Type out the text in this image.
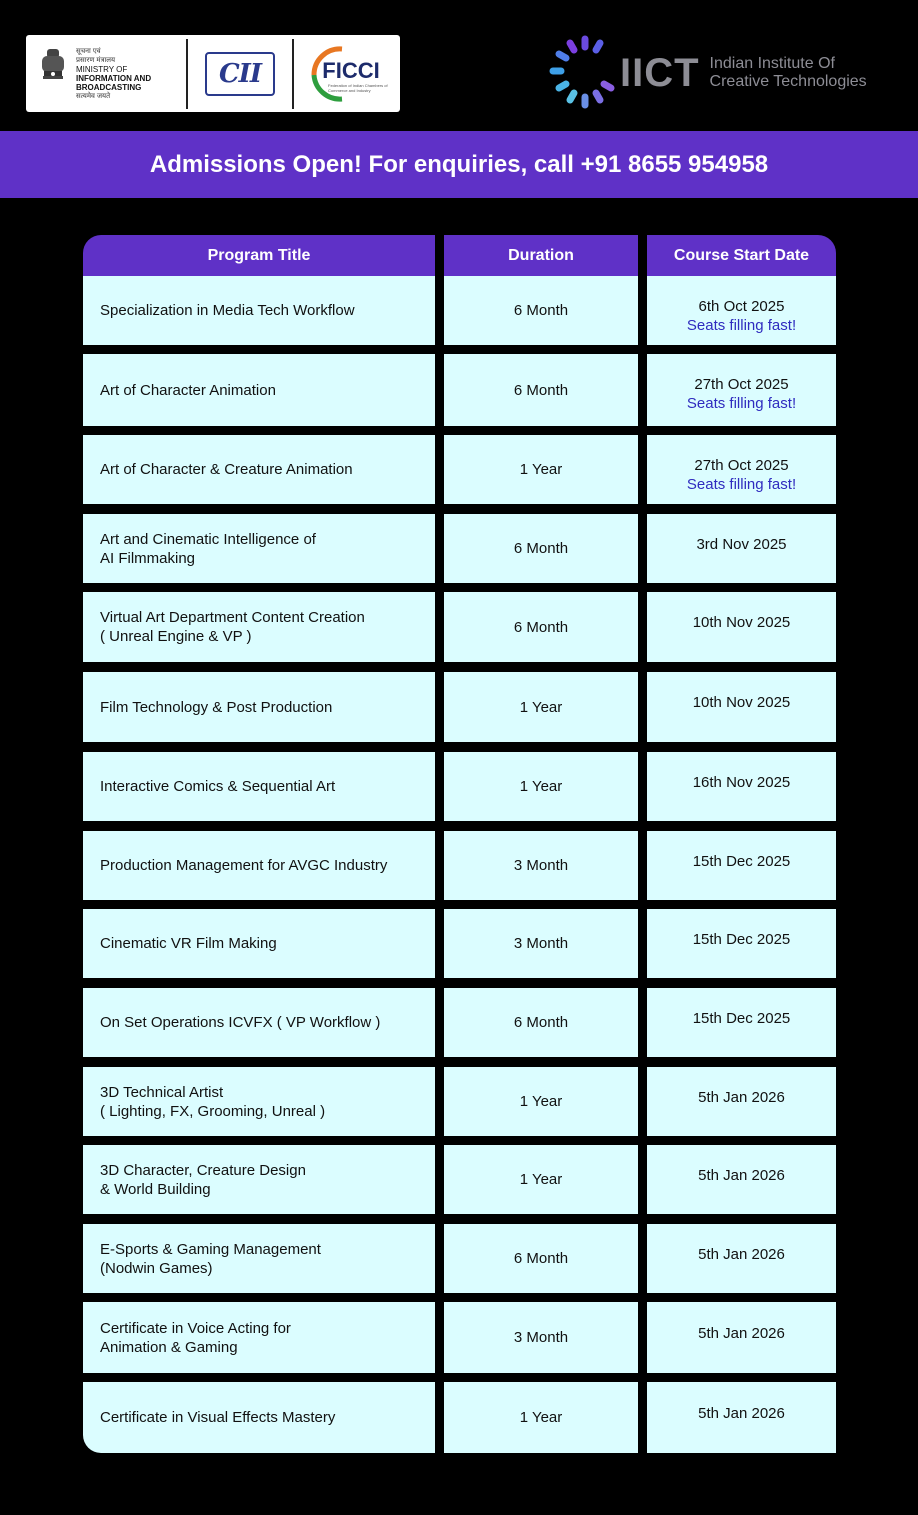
सूचना एवं
प्रसारण मंत्रालय
MINISTRY OF
INFORMATION AND
BROADCASTING
सत्यमेव जयते
CII	FICCI
Federation of Indian Chambers of Commerce and Industry	IICT Indian Institute Of
Creative Technologies
Admissions Open! For enquiries, call +91 8655 954958
Program Title	Duration	Course Start Date
Specialization in Media Tech Workflow	6 Month	6th Oct 2025
Seats filling fast!
Art of Character Animation	6 Month	27th Oct 2025
Seats filling fast!
Art of Character & Creature Animation	1 Year	27th Oct 2025
Seats filling fast!
Art and Cinematic Intelligence of
AI Filmmaking
6 Month	3rd Nov 2025
Virtual Art Department Content Creation
( Unreal Engine & VP )
6 Month	10th Nov 2025
Film Technology & Post Production	1 Year	10th Nov 2025
Interactive Comics & Sequential Art	1 Year	16th Nov 2025
Production Management for AVGC Industry	3 Month	15th Dec 2025
Cinematic VR Film Making	3 Month	15th Dec 2025
On Set Operations ICVFX ( VP Workflow )	6 Month	15th Dec 2025
3D Technical Artist
( Lighting, FX, Grooming, Unreal )
1 Year	5th Jan 2026
3D Character, Creature Design
& World Building
1 Year	5th Jan 2026
E-Sports & Gaming Management
(Nodwin Games)
6 Month	5th Jan 2026
Certificate in Voice Acting for
Animation & Gaming
3 Month	5th Jan 2026
Certificate in Visual Effects Mastery	1 Year	5th Jan 2026
